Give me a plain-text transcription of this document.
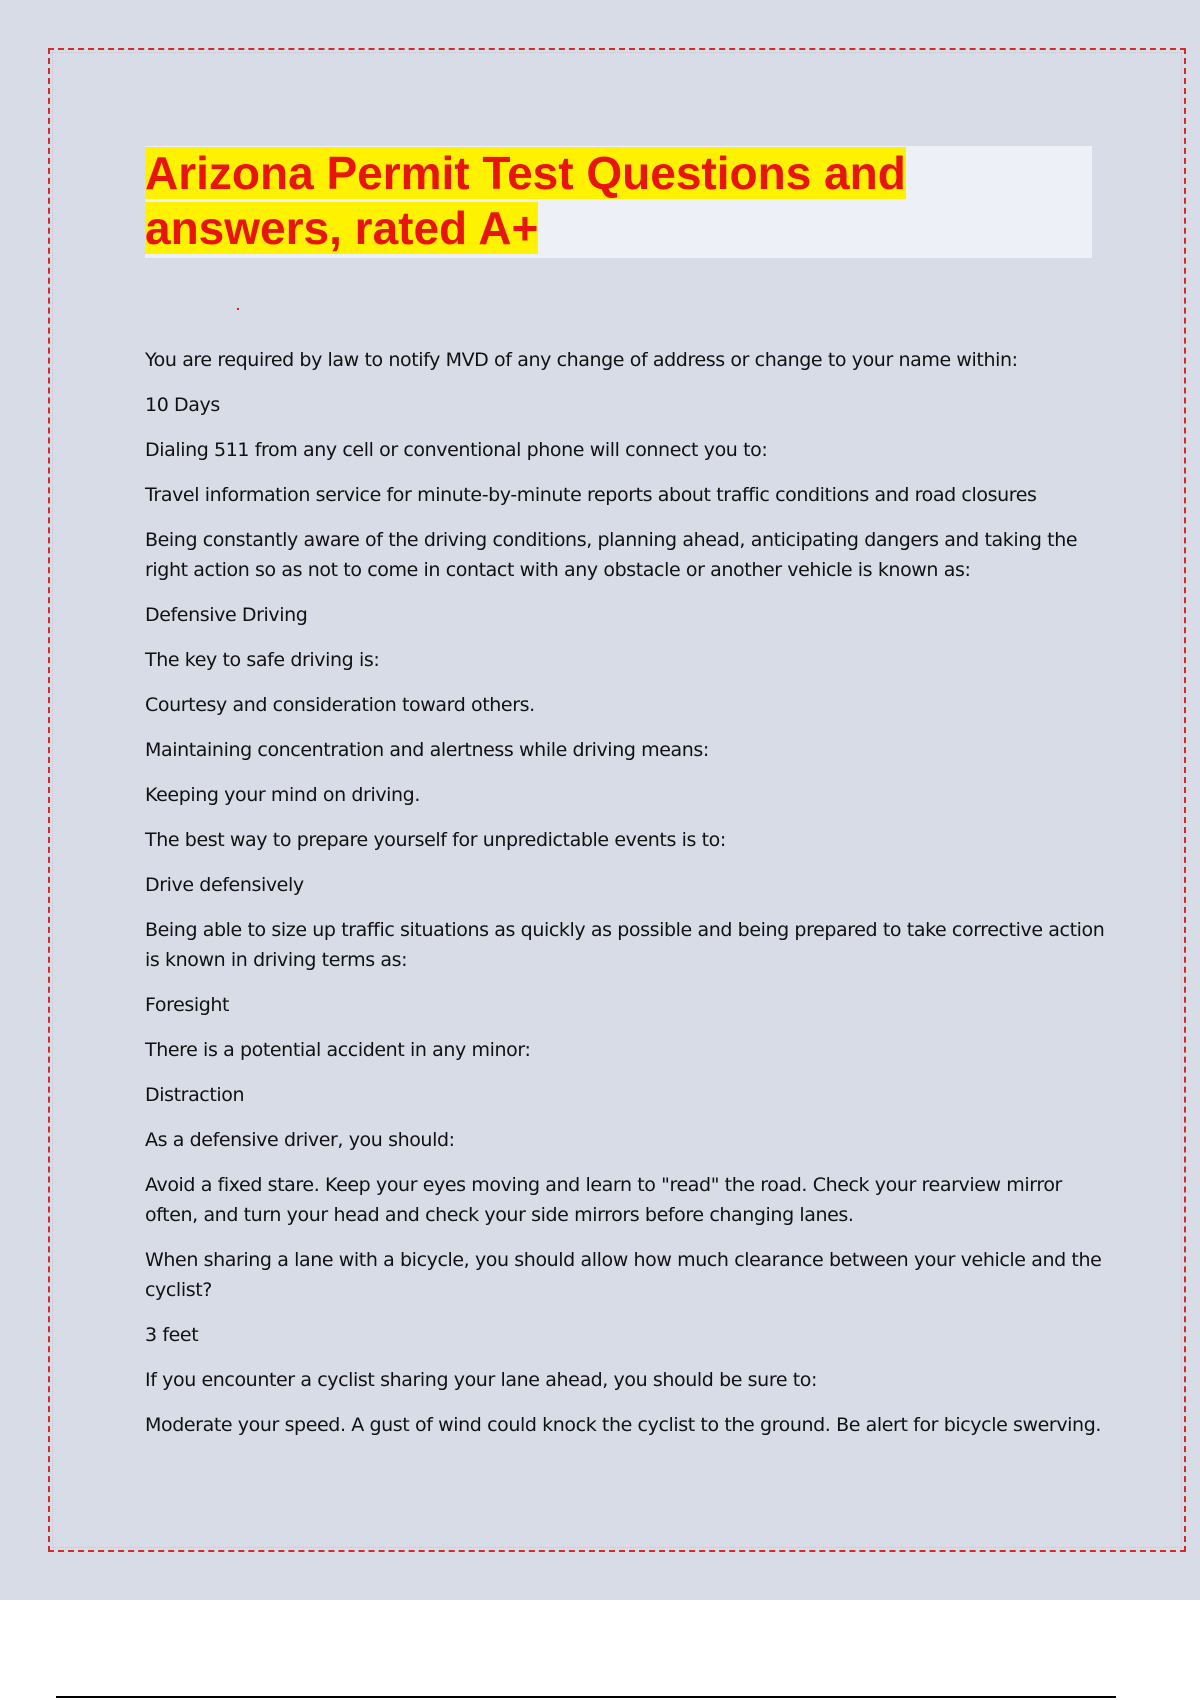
Arizona Permit Test Questions and
answers, rated A+

You are required by law to notify MVD of any change of address or change to your name within:

10 Days

Dialing 511 from any cell or conventional phone will connect you to:

Travel information service for minute-by-minute reports about traffic conditions and road closures

Being constantly aware of the driving conditions, planning ahead, anticipating dangers and taking the right action so as not to come in contact with any obstacle or another vehicle is known as:

Defensive Driving

The key to safe driving is:

Courtesy and consideration toward others.

Maintaining concentration and alertness while driving means:

Keeping your mind on driving.

The best way to prepare yourself for unpredictable events is to:

Drive defensively

Being able to size up traffic situations as quickly as possible and being prepared to take corrective action is known in driving terms as:

Foresight

There is a potential accident in any minor:

Distraction

As a defensive driver, you should:

Avoid a fixed stare. Keep your eyes moving and learn to "read" the road. Check your rearview mirror often, and turn your head and check your side mirrors before changing lanes.

When sharing a lane with a bicycle, you should allow how much clearance between your vehicle and the cyclist?

3 feet

If you encounter a cyclist sharing your lane ahead, you should be sure to:

Moderate your speed. A gust of wind could knock the cyclist to the ground. Be alert for bicycle swerving.
